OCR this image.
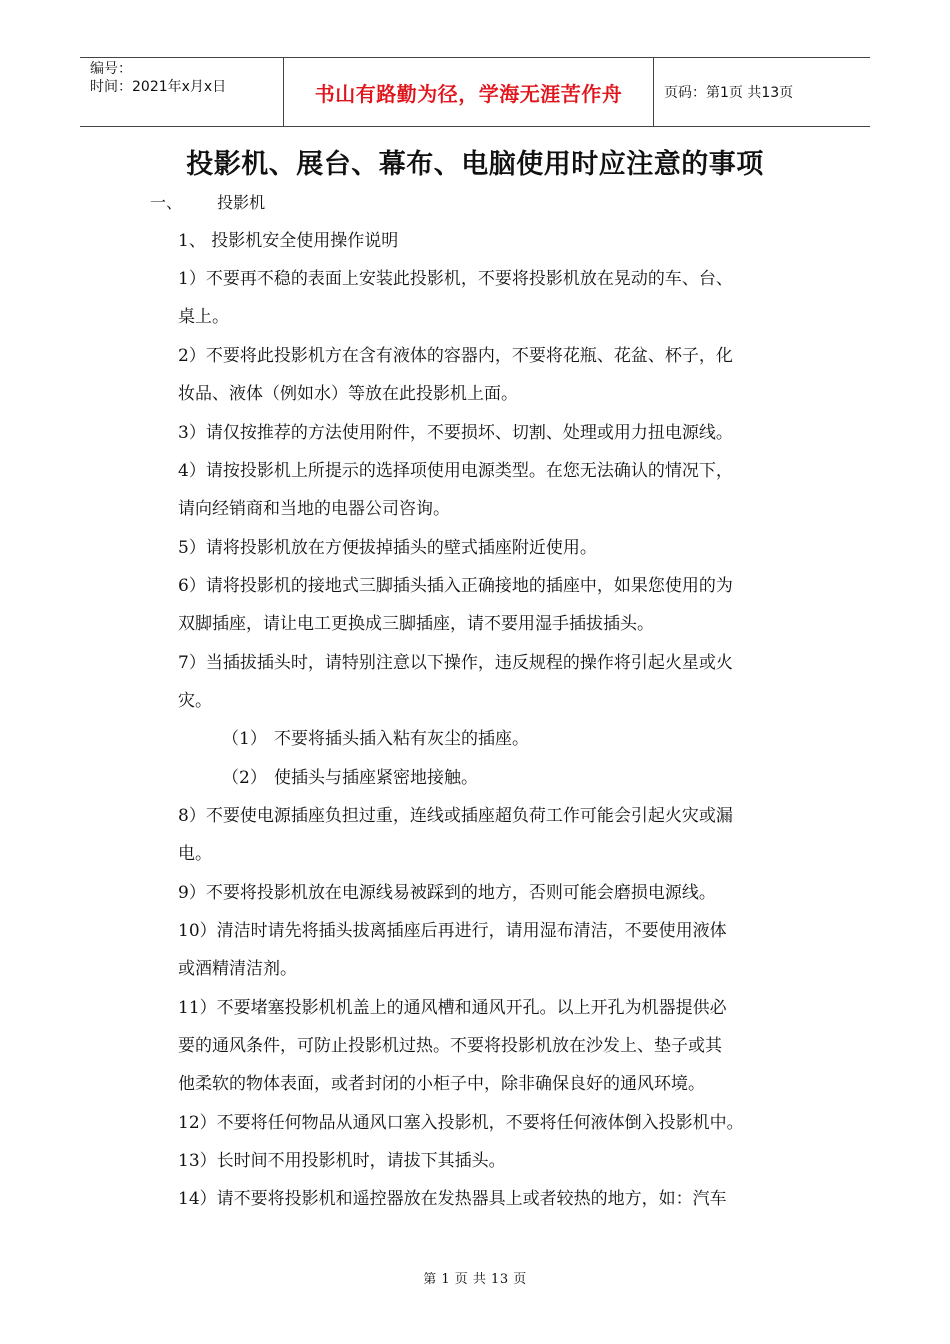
编号：
时间：2021年x月x日	书山有路勤为径，学海无涯苦作舟	页码：第1页 共13页
投影机、展台、幕布、电脑使用时应注意的事项
一、 投影机
1、 投影机安全使用操作说明
1）不要再不稳的表面上安装此投影机，不要将投影机放在晃动的车、台、
桌上。
2）不要将此投影机方在含有液体的容器内，不要将花瓶、花盆、杯子，化
妆品、液体（例如水）等放在此投影机上面。
3）请仅按推荐的方法使用附件，不要损坏、切割、处理或用力扭电源线。
4）请按投影机上所提示的选择项使用电源类型。在您无法确认的情况下，
请向经销商和当地的电器公司咨询。
5）请将投影机放在方便拔掉插头的壁式插座附近使用。
6）请将投影机的接地式三脚插头插入正确接地的插座中，如果您使用的为
双脚插座，请让电工更换成三脚插座，请不要用湿手插拔插头。
7）当插拔插头时，请特别注意以下操作，违反规程的操作将引起火星或火
灾。
（1） 不要将插头插入粘有灰尘的插座。
（2） 使插头与插座紧密地接触。
8）不要使电源插座负担过重，连线或插座超负荷工作可能会引起火灾或漏
电。
9）不要将投影机放在电源线易被踩到的地方，否则可能会磨损电源线。
10）清洁时请先将插头拔离插座后再进行，请用湿布清洁，不要使用液体
或酒精清洁剂。
11）不要堵塞投影机机盖上的通风槽和通风开孔。以上开孔为机器提供必
要的通风条件，可防止投影机过热。不要将投影机放在沙发上、垫子或其
他柔软的物体表面，或者封闭的小柜子中，除非确保良好的通风环境。
12）不要将任何物品从通风口塞入投影机，不要将任何液体倒入投影机中。
13）长时间不用投影机时，请拔下其插头。
14）请不要将投影机和遥控器放在发热器具上或者较热的地方，如：汽车
第 1 页 共 13 页
